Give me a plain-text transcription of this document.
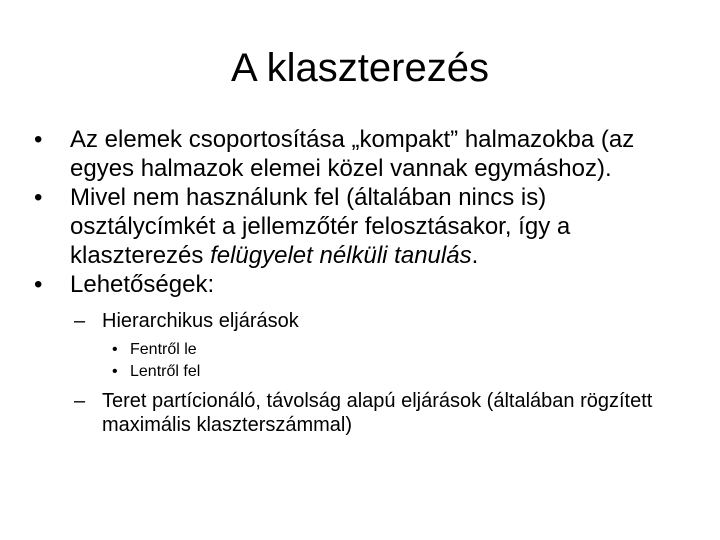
A klaszterezés
•	Az elemek csoportosítása „kompakt” halmazokba (az egyes halmazok elemei közel vannak egymáshoz).
•	Mivel nem használunk fel (általában nincs is) osztálycímkét a jellemzőtér felosztásakor, így a klaszterezés felügyelet nélküli tanulás.
•	Lehetőségek:
– Hierarchikus eljárások
• Fentről le
• Lentről fel
– Teret partícionáló, távolság alapú eljárások (általában rögzített maximális klaszterszámmal)
